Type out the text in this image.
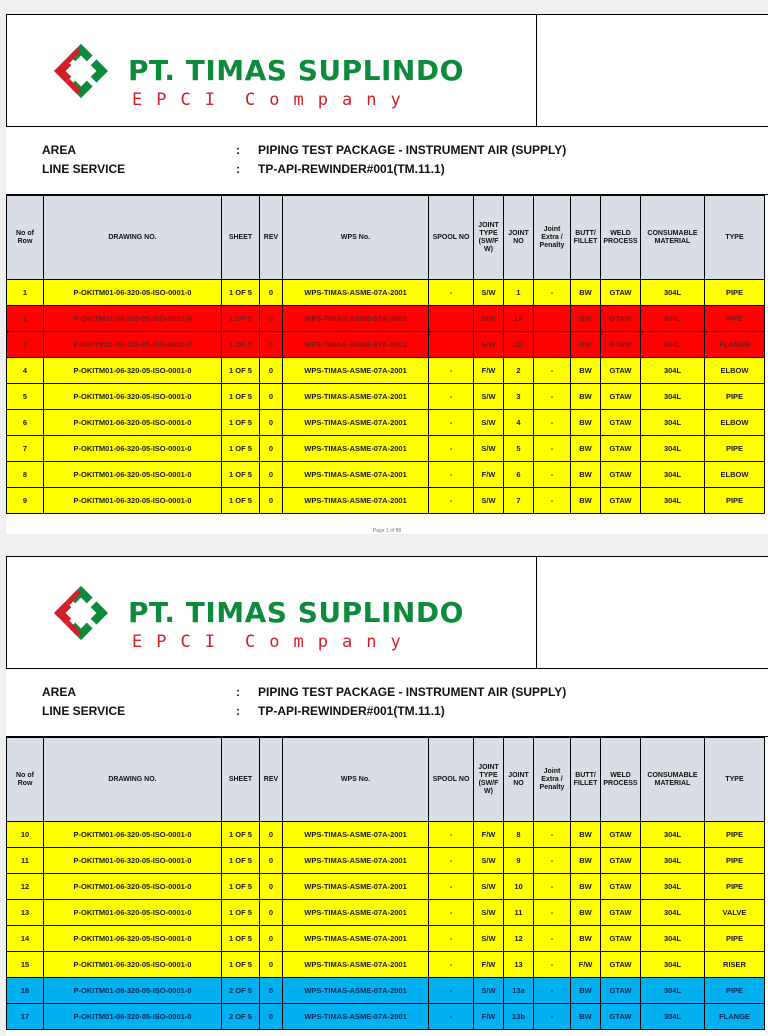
PT. TIMAS SUPLINDO
E P C I C o m p a n y
AREA	: PIPING TEST PACKAGE - INSTRUMENT AIR (SUPPLY)
LINE SERVICE	: TP-API-REWINDER#001(TM.11.1)
No of Row	DRAWING NO.	SHEET	REV	WPS No.	SPOOL NO	JOINT TYPE (SW/F W)	JOINT NO	Joint Extra / Penalty	BUTT/ FILLET	WELD PROCESS	CONSUMABLE MATERIAL	TYPE
1	P-OKITM01-06-320-05-ISO-0001-0	1 OF 5	0	WPS-TIMAS-ASME-07A-2001	-	S/W	1	-	BW	GTAW	304L	PIPE
2	P-OKITM01-06-320-05-ISO-0001-0	1 OF 5	0	WPS-TIMAS-ASME-07A-2001	-	S/W	1A	-	BW	GTAW	304L	PIPE
3	P-OKITM01-06-320-05-ISO-0001-0	1 OF 5	0	WPS-TIMAS-ASME-07A-2001	-	S/W	1B	-	BW	GTAW	304L	FLANGE
4	P-OKITM01-06-320-05-ISO-0001-0	1 OF 5	0	WPS-TIMAS-ASME-07A-2001	-	F/W	2	-	BW	GTAW	304L	ELBOW
5	P-OKITM01-06-320-05-ISO-0001-0	1 OF 5	0	WPS-TIMAS-ASME-07A-2001	-	S/W	3	-	BW	GTAW	304L	PIPE
6	P-OKITM01-06-320-05-ISO-0001-0	1 OF 5	0	WPS-TIMAS-ASME-07A-2001	-	S/W	4	-	BW	GTAW	304L	ELBOW
7	P-OKITM01-06-320-05-ISO-0001-0	1 OF 5	0	WPS-TIMAS-ASME-07A-2001	-	S/W	5	-	BW	GTAW	304L	PIPE
8	P-OKITM01-06-320-05-ISO-0001-0	1 OF 5	0	WPS-TIMAS-ASME-07A-2001	-	F/W	6	-	BW	GTAW	304L	ELBOW
9	P-OKITM01-06-320-05-ISO-0001-0	1 OF 5	0	WPS-TIMAS-ASME-07A-2001	-	S/W	7	-	BW	GTAW	304L	PIPE
Page 1 of 88
PT. TIMAS SUPLINDO
E P C I C o m p a n y
AREA	: PIPING TEST PACKAGE - INSTRUMENT AIR (SUPPLY)
LINE SERVICE	: TP-API-REWINDER#001(TM.11.1)
No of Row	DRAWING NO.	SHEET	REV	WPS No.	SPOOL NO	JOINT TYPE (SW/F W)	JOINT NO	Joint Extra / Penalty	BUTT/ FILLET	WELD PROCESS	CONSUMABLE MATERIAL	TYPE
10	P-OKITM01-06-320-05-ISO-0001-0	1 OF 5	0	WPS-TIMAS-ASME-07A-2001	-	F/W	8	-	BW	GTAW	304L	PIPE
11	P-OKITM01-06-320-05-ISO-0001-0	1 OF 5	0	WPS-TIMAS-ASME-07A-2001	-	S/W	9	-	BW	GTAW	304L	PIPE
12	P-OKITM01-06-320-05-ISO-0001-0	1 OF 5	0	WPS-TIMAS-ASME-07A-2001	-	S/W	10	-	BW	GTAW	304L	PIPE
13	P-OKITM01-06-320-05-ISO-0001-0	1 OF 5	0	WPS-TIMAS-ASME-07A-2001	-	S/W	11	-	BW	GTAW	304L	VALVE
14	P-OKITM01-06-320-05-ISO-0001-0	1 OF 5	0	WPS-TIMAS-ASME-07A-2001	-	S/W	12	-	BW	GTAW	304L	PIPE
15	P-OKITM01-06-320-05-ISO-0001-0	1 OF 5	0	WPS-TIMAS-ASME-07A-2001	-	F/W	13	-	F/W	GTAW	304L	RISER
16	P-OKITM01-06-320-05-ISO-0001-0	2 OF 5	0	WPS-TIMAS-ASME-07A-2001	-	S/W	13a	-	BW	GTAW	304L	PIPE
17	P-OKITM01-06-320-05-ISO-0001-0	2 OF 5	0	WPS-TIMAS-ASME-07A-2001	-	F/W	13b	-	BW	GTAW	304L	FLANGE
